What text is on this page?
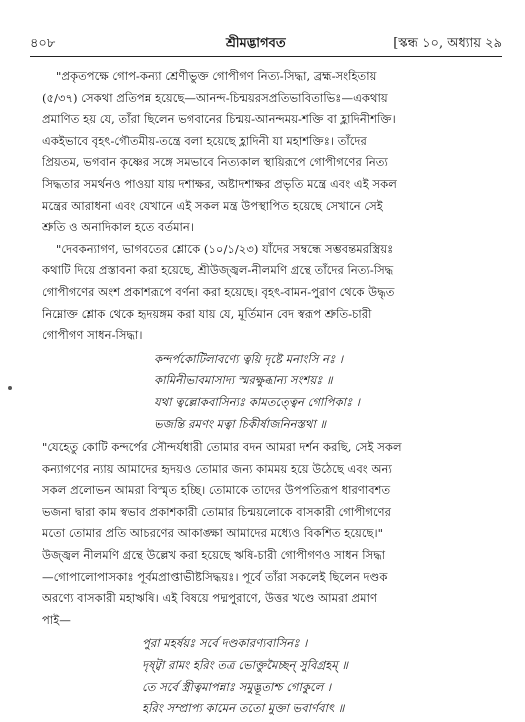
৪০৮	শ্রীমদ্ভাগবত	[স্কন্ধ ১০, অধ্যায় ২৯
"প্রকৃতপক্ষে গোপ-কন্যা শ্রেণীভুক্ত গোপীগণ নিত্য-সিদ্ধা, ব্রহ্ম-সংহিতায়
(৫/৩৭) সেকথা প্রতিপন্ন হয়েছে—আনন্দ-চিন্ময়রসপ্রতিভাবিতাভিঃ—একথায়
প্রমাণিত হয় যে, তাঁরা ছিলেন ভগবানের চিন্ময়-আনন্দময়-শক্তি বা হ্লাদিনীশক্তি।
একইভাবে বৃহৎ-গৌতমীয়-তন্ত্রে বলা হয়েছে হ্লাদিনী যা মহাশক্তিঃ। তাঁদের
প্রিয়তম, ভগবান কৃষ্ণের সঙ্গে সমভাবে নিত্যকাল স্থায়িরূপে গোপীগণের নিত্য
সিদ্ধতার সমর্থনও পাওয়া যায় দশাক্ষর, অষ্টাদশাক্ষর প্রভৃতি মন্ত্রে এবং এই সকল
মন্ত্রের আরাধনা এবং যেখানে এই সকল মন্ত্র উপস্থাপিত হয়েছে সেখানে সেই
শ্রুতি ও অনাদিকাল হতে বর্তমান।
"দেবকন্যাগণ, ভাগবতের শ্লোকে (১০/১/২৩) যাঁদের সম্বন্ধে সম্ভবন্তমরস্ত্রিয়ঃ
কথাটি দিয়ে প্রস্তাবনা করা হয়েছে, শ্রীউজ্জ্বল-নীলমণি গ্রন্থে তাঁদের নিত্য-সিদ্ধ
গোপীগণের অংশ প্রকাশরূপে বর্ণনা করা হয়েছে। বৃহৎ-বামন-পুরাণ থেকে উদ্ধৃত
নিম্নোক্ত শ্লোক থেকে হৃদয়ঙ্গম করা যায় যে, মূর্তিমান বেদ স্বরূপ শ্রুতি-চারী
গোপীগণ সাধন-সিদ্ধা।
কন্দর্পকোটিলাবণ্যে ত্বয়ি দৃষ্টে মনাংসি নঃ ।
কামিনীভাবমাসাদ্য স্মরক্ষুব্ধান্য সংশয়ঃ ॥
যথা ত্বল্লোকবাসিন্যঃ কামতত্ত্বেন গোপিকাঃ ।
ভজন্তি রমণং মত্বা চিকীর্ষাজনিনস্তথা ॥
"যেহেতু কোটি কন্দর্পের সৌন্দর্যধারী তোমার বদন আমরা দর্শন করছি, সেই সকল
কন্যাগণের ন্যায় আমাদের হৃদয়ও তোমার জন্য কামময় হয়ে উঠেছে এবং অন্য
সকল প্রলোভন আমরা বিস্মৃত হচ্ছি। তোমাকে তাদের উপপতিরূপ ধারণাবশত
ভজনা দ্বারা কাম স্বভাব প্রকাশকারী তোমার চিন্ময়লোকে বাসকারী গোপীগণের
মতো তোমার প্রতি আচরণের আকাঙ্ক্ষা আমাদের মধ্যেও বিকশিত হয়েছে।"
উজ্জ্বল নীলমণি গ্রন্থে উল্লেখ করা হয়েছে ঋষি-চারী গোপীগণও সাধন সিদ্ধা
—গোপালোপাসকাঃ পূর্বমপ্রাপ্তাভীষ্টসিদ্ধয়ঃ। পূর্বে তাঁরা সকলেই ছিলেন দণ্ডক
অরণ্যে বাসকারী মহাঋষি। এই বিষয়ে পদ্মপুরাণে, উত্তর খণ্ডে আমরা প্রমাণ
পাই—
পুরা মহর্ষয়ঃ সর্বে দণ্ডকারণ্যবাসিনঃ ।
দৃষ্ট্বা রামং হরিং তত্র ভোক্তুমৈচ্ছন্ সুবিগ্রহম্ ॥
তে সর্বে স্ত্রীত্বমাপন্নাঃ সমুদ্ভূতাশ্চ গোকুলে ।
হরিং সম্প্রাপ্য কামেন ততো মুক্তা ভবার্ণবাৎ ॥
